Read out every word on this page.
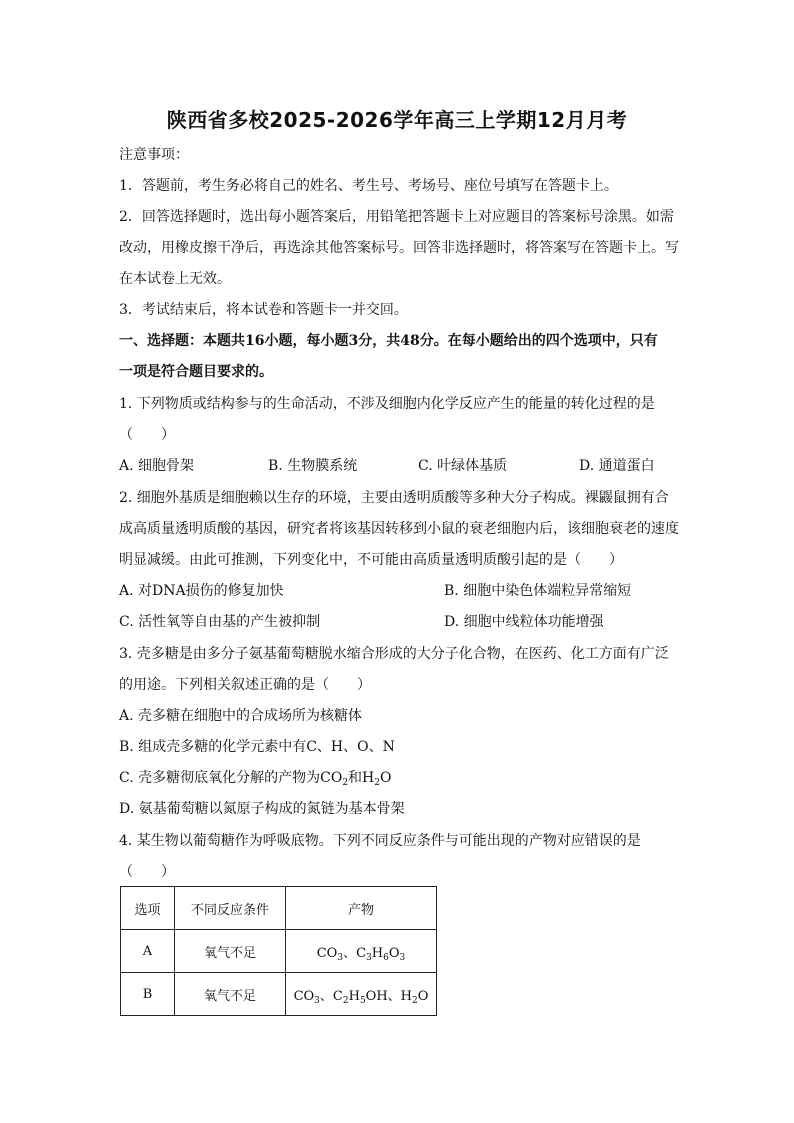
陕西省多校2025-2026学年高三上学期12月月考
注意事项：
1．答题前，考生务必将自己的姓名、考生号、考场号、座位号填写在答题卡上。
2．回答选择题时，选出每小题答案后，用铅笔把答题卡上对应题目的答案标号涂黑。如需
改动，用橡皮擦干净后，再选涂其他答案标号。回答非选择题时，将答案写在答题卡上。写
在本试卷上无效。
3．考试结束后，将本试卷和答题卡一并交回。
一、选择题：本题共16小题，每小题3分，共48分。在每小题给出的四个选项中，只有
一项是符合题目要求的。
1. 下列物质或结构参与的生命活动，不涉及细胞内化学反应产生的能量的转化过程的是
（　　）
A. 细胞骨架	B. 生物膜系统	C. 叶绿体基质	D. 通道蛋白
2. 细胞外基质是细胞赖以生存的环境，主要由透明质酸等多种大分子构成。裸鼹鼠拥有合
成高质量透明质酸的基因，研究者将该基因转移到小鼠的衰老细胞内后，该细胞衰老的速度
明显减缓。由此可推测，下列变化中，不可能由高质量透明质酸引起的是（　　）
A. 对DNA损伤的修复加快	B. 细胞中染色体端粒异常缩短
C. 活性氧等自由基的产生被抑制	D. 细胞中线粒体功能增强
3. 壳多糖是由多分子氨基葡萄糖脱水缩合形成的大分子化合物，在医药、化工方面有广泛
的用途。下列相关叙述正确的是（　　）
A. 壳多糖在细胞中的合成场所为核糖体
B. 组成壳多糖的化学元素中有C、H、O、N
C. 壳多糖彻底氧化分解的产物为$CO_2$和$H_2O$
D. 氨基葡萄糖以氮原子构成的氮链为基本骨架
4. 某生物以葡萄糖作为呼吸底物。下列不同反应条件与可能出现的产物对应错误的是
（　　）
选项	不同反应条件	产物
A	氧气不足	$CO_3$、$C_3H_6O_3$
B	氧气不足	$CO_3$、$C_2H_5OH$、$H_2O$
